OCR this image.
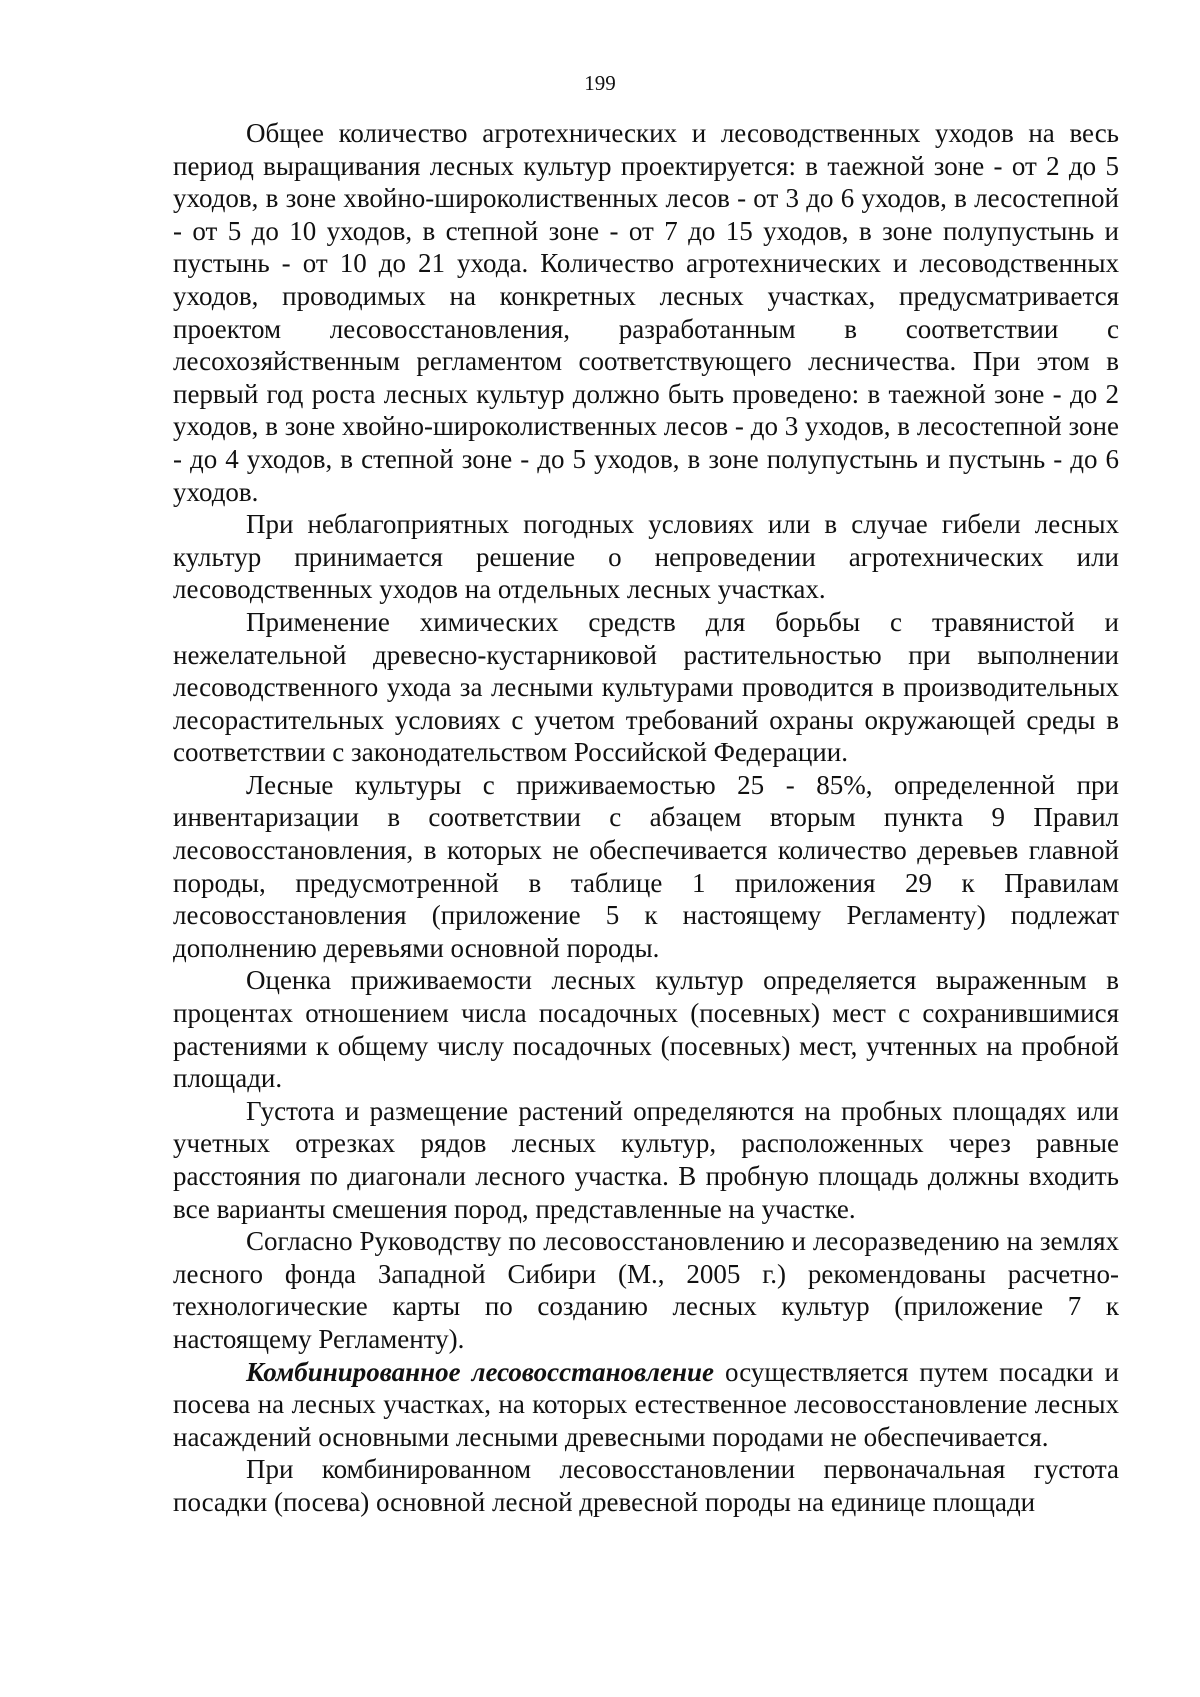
199

Общее количество агротехнических и лесоводственных уходов на весь период выращивания лесных культур проектируется: в таежной зоне - от 2 до 5 уходов, в зоне хвойно-широколиственных лесов - от 3 до 6 уходов, в лесостепной - от 5 до 10 уходов, в степной зоне - от 7 до 15 уходов, в зоне полупустынь и пустынь - от 10 до 21 ухода. Количество агротехнических и лесоводственных уходов, проводимых на конкретных лесных участках, предусматривается проектом лесовосстановления, разработанным в соответствии с лесохозяйственным регламентом соответствующего лесничества. При этом в первый год роста лесных культур должно быть проведено: в таежной зоне - до 2 уходов, в зоне хвойно-широколиственных лесов - до 3 уходов, в лесостепной зоне - до 4 уходов, в степной зоне - до 5 уходов, в зоне полупустынь и пустынь - до 6 уходов.

При неблагоприятных погодных условиях или в случае гибели лесных культур принимается решение о непроведении агротехнических или лесоводственных уходов на отдельных лесных участках.

Применение химических средств для борьбы с травянистой и нежелательной древесно-кустарниковой растительностью при выполнении лесоводственного ухода за лесными культурами проводится в производительных лесорастительных условиях с учетом требований охраны окружающей среды в соответствии с законодательством Российской Федерации.

Лесные культуры с приживаемостью 25 - 85%, определенной при инвентаризации в соответствии с абзацем вторым пункта 9 Правил лесовосстановления, в которых не обеспечивается количество деревьев главной породы, предусмотренной в таблице 1 приложения 29 к Правилам лесовосстановления (приложение 5 к настоящему Регламенту) подлежат дополнению деревьями основной породы.

Оценка приживаемости лесных культур определяется выраженным в процентах отношением числа посадочных (посевных) мест с сохранившимися растениями к общему числу посадочных (посевных) мест, учтенных на пробной площади.

Густота и размещение растений определяются на пробных площадях или учетных отрезках рядов лесных культур, расположенных через равные расстояния по диагонали лесного участка. В пробную площадь должны входить все варианты смешения пород, представленные на участке.

Согласно Руководству по лесовосстановлению и лесоразведению на землях лесного фонда Западной Сибири (М., 2005 г.) рекомендованы расчетно-технологические карты по созданию лесных культур (приложение 7 к настоящему Регламенту).

Комбинированное лесовосстановление осуществляется путем посадки и посева на лесных участках, на которых естественное лесовосстановление лесных насаждений основными лесными древесными породами не обеспечивается.

При комбинированном лесовосстановлении первоначальная густота посадки (посева) основной лесной древесной породы на единице площади
